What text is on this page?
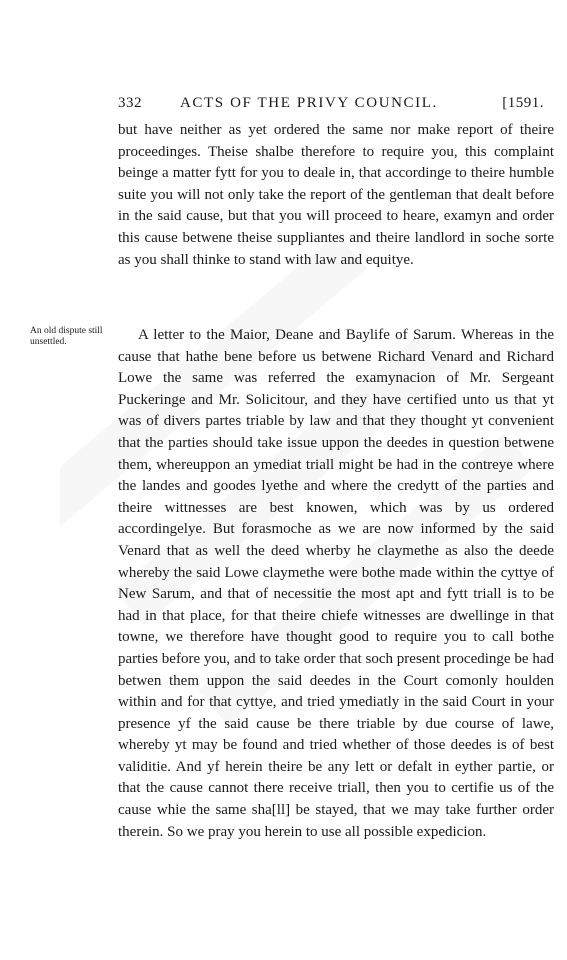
332	ACTS OF THE PRIVY COUNCIL.	[1591.

but have neither as yet ordered the same nor make report of theire proceedinges. Theise shalbe therefore to require you, this complaint beinge a matter fytt for you to deale in, that accordinge to theire humble suite you will not only take the report of the gentleman that dealt before in the said cause, but that you will proceed to heare, examyn and order this cause betwene theise suppliantes and theire landlord in soche sorte as you shall thinke to stand with law and equitye.

An old dispute still unsettled.	A letter to the Maior, Deane and Baylife of Sarum. Whereas in the cause that hathe bene before us betwene Richard Venard and Richard Lowe the same was referred the examynacion of Mr. Sergeant Puckeringe and Mr. Solicitour, and they have certified unto us that yt was of divers partes triable by law and that they thought yt convenient that the parties should take issue uppon the deedes in question betwene them, whereuppon an ymediat triall might be had in the contreye where the landes and goodes lyethe and where the credytt of the parties and theire wittnesses are best knowen, which was by us ordered accordingelye. But forasmoche as we are now informed by the said Venard that as well the deed wherby he claymethe as also the deede whereby the said Lowe claymethe were bothe made within the cyttye of New Sarum, and that of necessitie the most apt and fytt triall is to be had in that place, for that theire chiefe witnesses are dwellinge in that towne, we therefore have thought good to require you to call bothe parties before you, and to take order that soch present procedinge be had betwen them uppon the said deedes in the Court comonly houlden within and for that cyttye, and tried ymediatly in the said Court in your presence yf the said cause be there triable by due course of lawe, whereby yt may be found and tried whether of those deedes is of best validitie. And yf herein theire be any lett or defalt in eyther partie, or that the cause cannot there receive triall, then you to certifie us of the cause whie the same sha[ll] be stayed, that we may take further order therein. So we pray you herein to use all possible expedicion.
